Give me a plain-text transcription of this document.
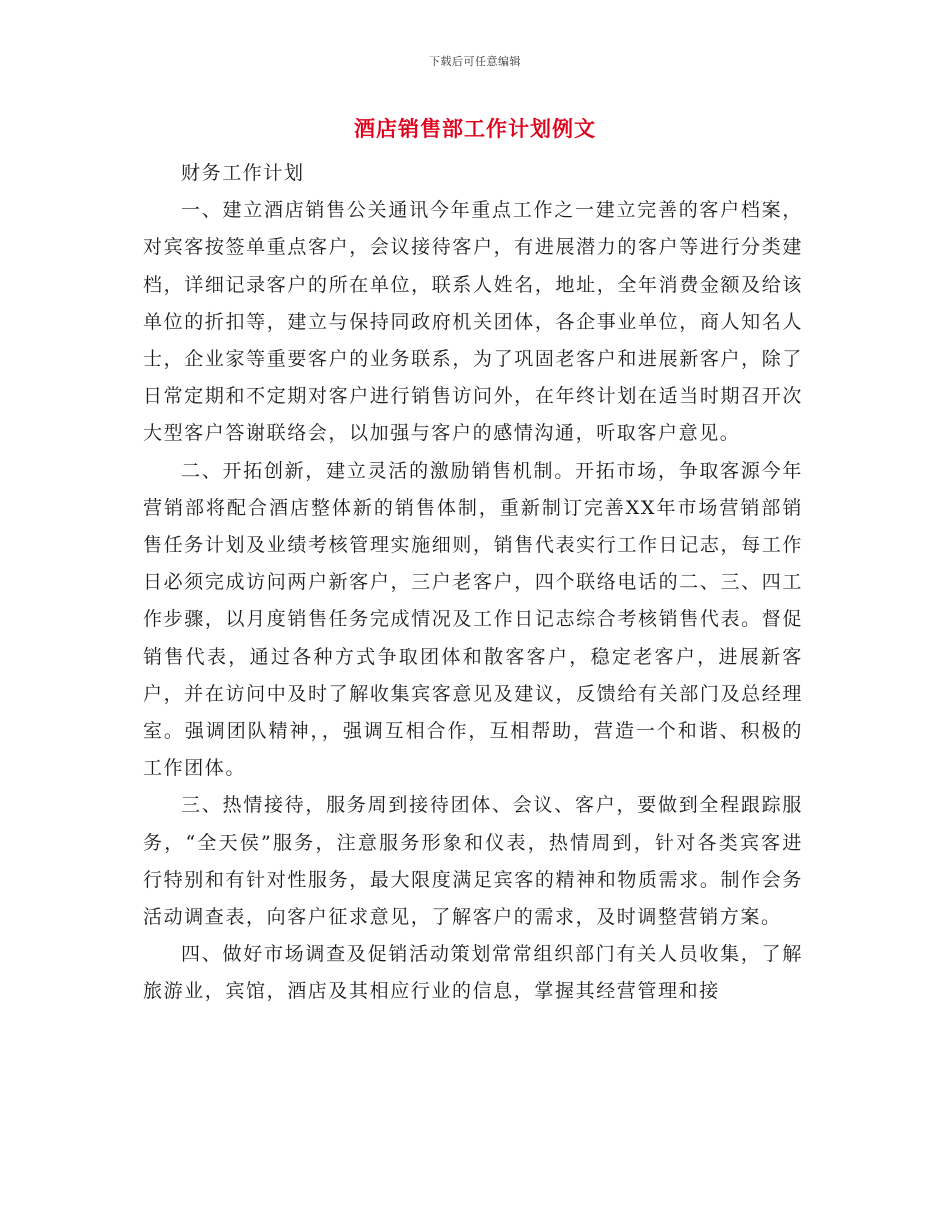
下载后可任意编辑
酒店销售部工作计划例文

财务工作计划

一、建立酒店销售公关通讯今年重点工作之一建立完善的客户档案，对宾客按签单重点客户，会议接待客户，有进展潜力的客户等进行分类建档，详细记录客户的所在单位，联系人姓名，地址，全年消费金额及给该单位的折扣等，建立与保持同政府机关团体，各企事业单位，商人知名人士，企业家等重要客户的业务联系，为了巩固老客户和进展新客户，除了日常定期和不定期对客户进行销售访问外，在年终计划在适当时期召开次大型客户答谢联络会，以加强与客户的感情沟通，听取客户意见。

二、开拓创新，建立灵活的激励销售机制。开拓市场，争取客源今年营销部将配合酒店整体新的销售体制，重新制订完善XX年市场营销部销售任务计划及业绩考核管理实施细则，销售代表实行工作日记志，每工作日必须完成访问两户新客户，三户老客户，四个联络电话的二、三、四工作步骤，以月度销售任务完成情况及工作日记志综合考核销售代表。督促销售代表，通过各种方式争取团体和散客客户，稳定老客户，进展新客户，并在访问中及时了解收集宾客意见及建议，反馈给有关部门及总经理室。强调团队精神，，强调互相合作，互相帮助，营造一个和谐、积极的工作团体。

三、热情接待，服务周到接待团体、会议、客户，要做到全程跟踪服务，“全天侯”服务，注意服务形象和仪表，热情周到，针对各类宾客进行特别和有针对性服务，最大限度满足宾客的精神和物质需求。制作会务活动调查表，向客户征求意见，了解客户的需求，及时调整营销方案。

四、做好市场调查及促销活动策划常常组织部门有关人员收集，了解旅游业，宾馆，酒店及其相应行业的信息，掌握其经营管理和接
